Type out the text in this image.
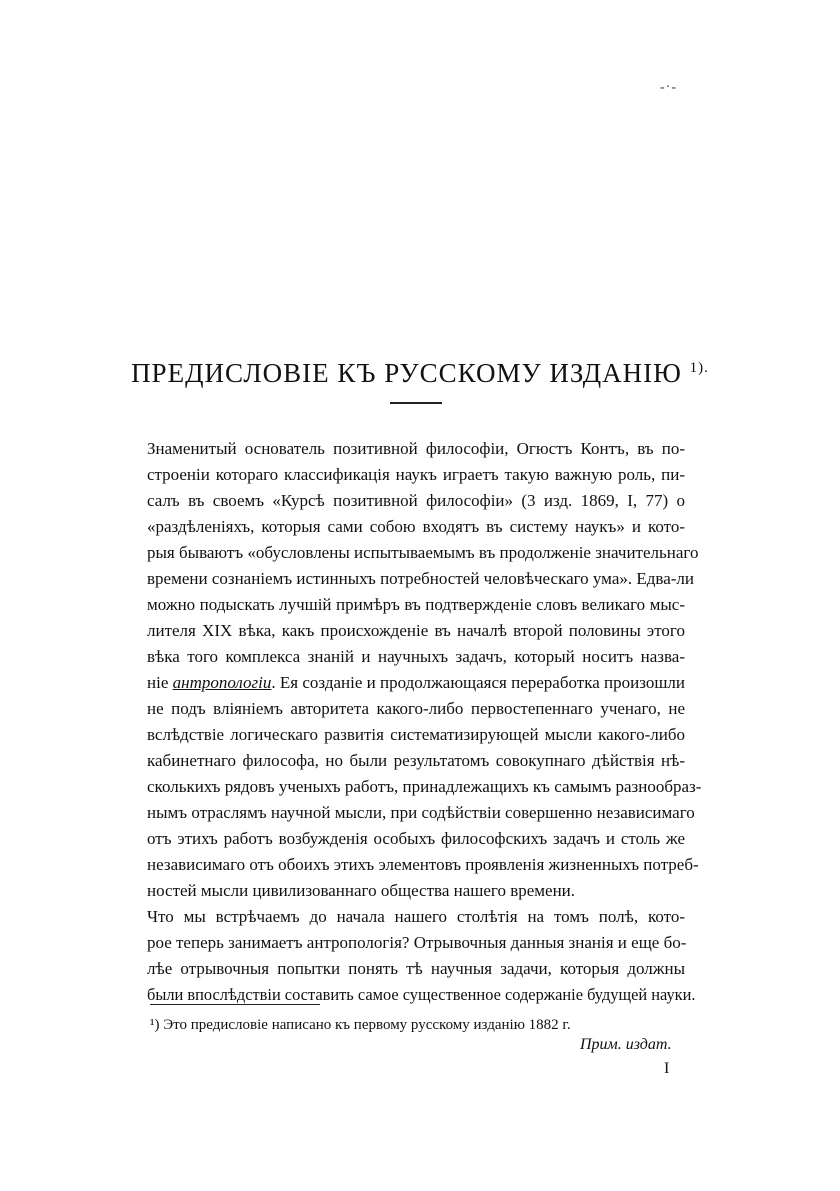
-·-
ПРЕДИСЛОВІЕ КЪ РУССКОМУ ИЗДАНІЮ $^{1).}$
Знаменитый основатель позитивной философіи, Огюстъ Контъ, въ по-
строеніи котораго классификація наукъ играетъ такую важную роль, пи-
салъ въ своемъ «Курсѣ позитивной философіи» (3 изд. 1869, I, 77) о
«раздѣленіяхъ, которыя сами собою входятъ въ систему наукъ» и кото-
рыя бываютъ «обусловлены испытываемымъ въ продолженіе значительнаго
времени сознаніемъ истинныхъ потребностей человѣческаго ума». Едва-ли
можно подыскать лучшій примѣръ въ подтвержденіе словъ великаго мыс-
лителя XIX вѣка, какъ происхожденіе въ началѣ второй половины этого
вѣка того комплекса знаній и научныхъ задачъ, который носитъ назва-
ніе антропологіи. Ея созданіе и продолжающаяся переработка произошли
не подъ вліяніемъ авторитета какого-либо первостепеннаго ученаго, не
вслѣдствіе логическаго развитія систематизирующей мысли какого-либо
кабинетнаго философа, но были результатомъ совокупнаго дѣйствія нѣ-
сколькихъ рядовъ ученыхъ работъ, принадлежащихъ къ самымъ разнообраз-
нымъ отраслямъ научной мысли, при содѣйствіи совершенно независимаго
отъ этихъ работъ возбужденія особыхъ философскихъ задачъ и столь же
независимаго отъ обоихъ этихъ элементовъ проявленія жизненныхъ потреб-
ностей мысли цивилизованнаго общества нашего времени.
Что мы встрѣчаемъ до начала нашего столѣтія на томъ полѣ, кото-
рое теперь занимаетъ антропологія? Отрывочныя данныя знанія и еще бо-
лѣе отрывочныя попытки понять тѣ научныя задачи, которыя должны
были впослѣдствіи составить самое существенное содержаніе будущей науки.
¹) Это предисловіе написано къ первому русскому изданію 1882 г.
Прим. издат.
I
